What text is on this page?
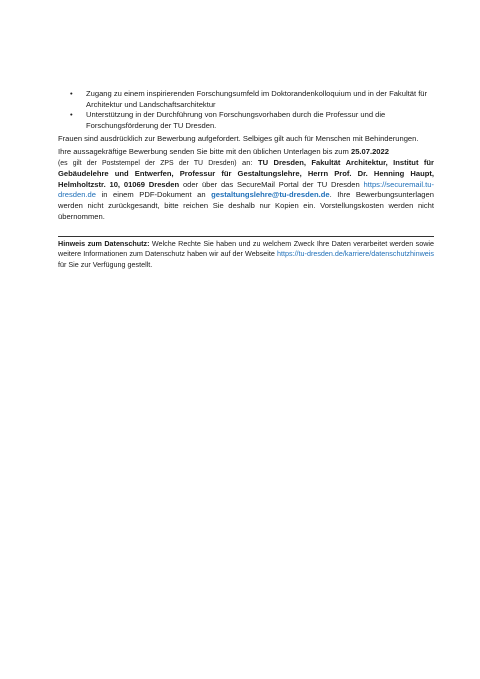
• Zugang zu einem inspirierenden Forschungsumfeld im Doktorandenkolloquium und in der Fakultät für Architektur und Landschaftsarchitektur
• Unterstützung in der Durchführung von Forschungsvorhaben durch die Professur und die Forschungsförderung der TU Dresden.

Frauen sind ausdrücklich zur Bewerbung aufgefordert. Selbiges gilt auch für Menschen mit Behinderungen.

Ihre aussagekräftige Bewerbung senden Sie bitte mit den üblichen Unterlagen bis zum 25.07.2022
(es gilt der Poststempel der ZPS der TU Dresden) an: TU Dresden, Fakultät Architektur, Institut für Gebäudelehre und Entwerfen, Professur für Gestaltungslehre, Herrn Prof. Dr. Henning Haupt, Helmholtzstr. 10, 01069 Dresden oder über das SecureMail Portal der TU Dresden https://securemail.tu-dresden.de in einem PDF-Dokument an gestaltungslehre@tu-dresden.de. Ihre Bewerbungsunterlagen werden nicht zurückgesandt, bitte reichen Sie deshalb nur Kopien ein. Vorstellungskosten werden nicht übernommen.

Hinweis zum Datenschutz: Welche Rechte Sie haben und zu welchem Zweck Ihre Daten verarbeitet werden sowie weitere Informationen zum Datenschutz haben wir auf der Webseite https://tu-dresden.de/karriere/datenschutzhinweis für Sie zur Verfügung gestellt.
